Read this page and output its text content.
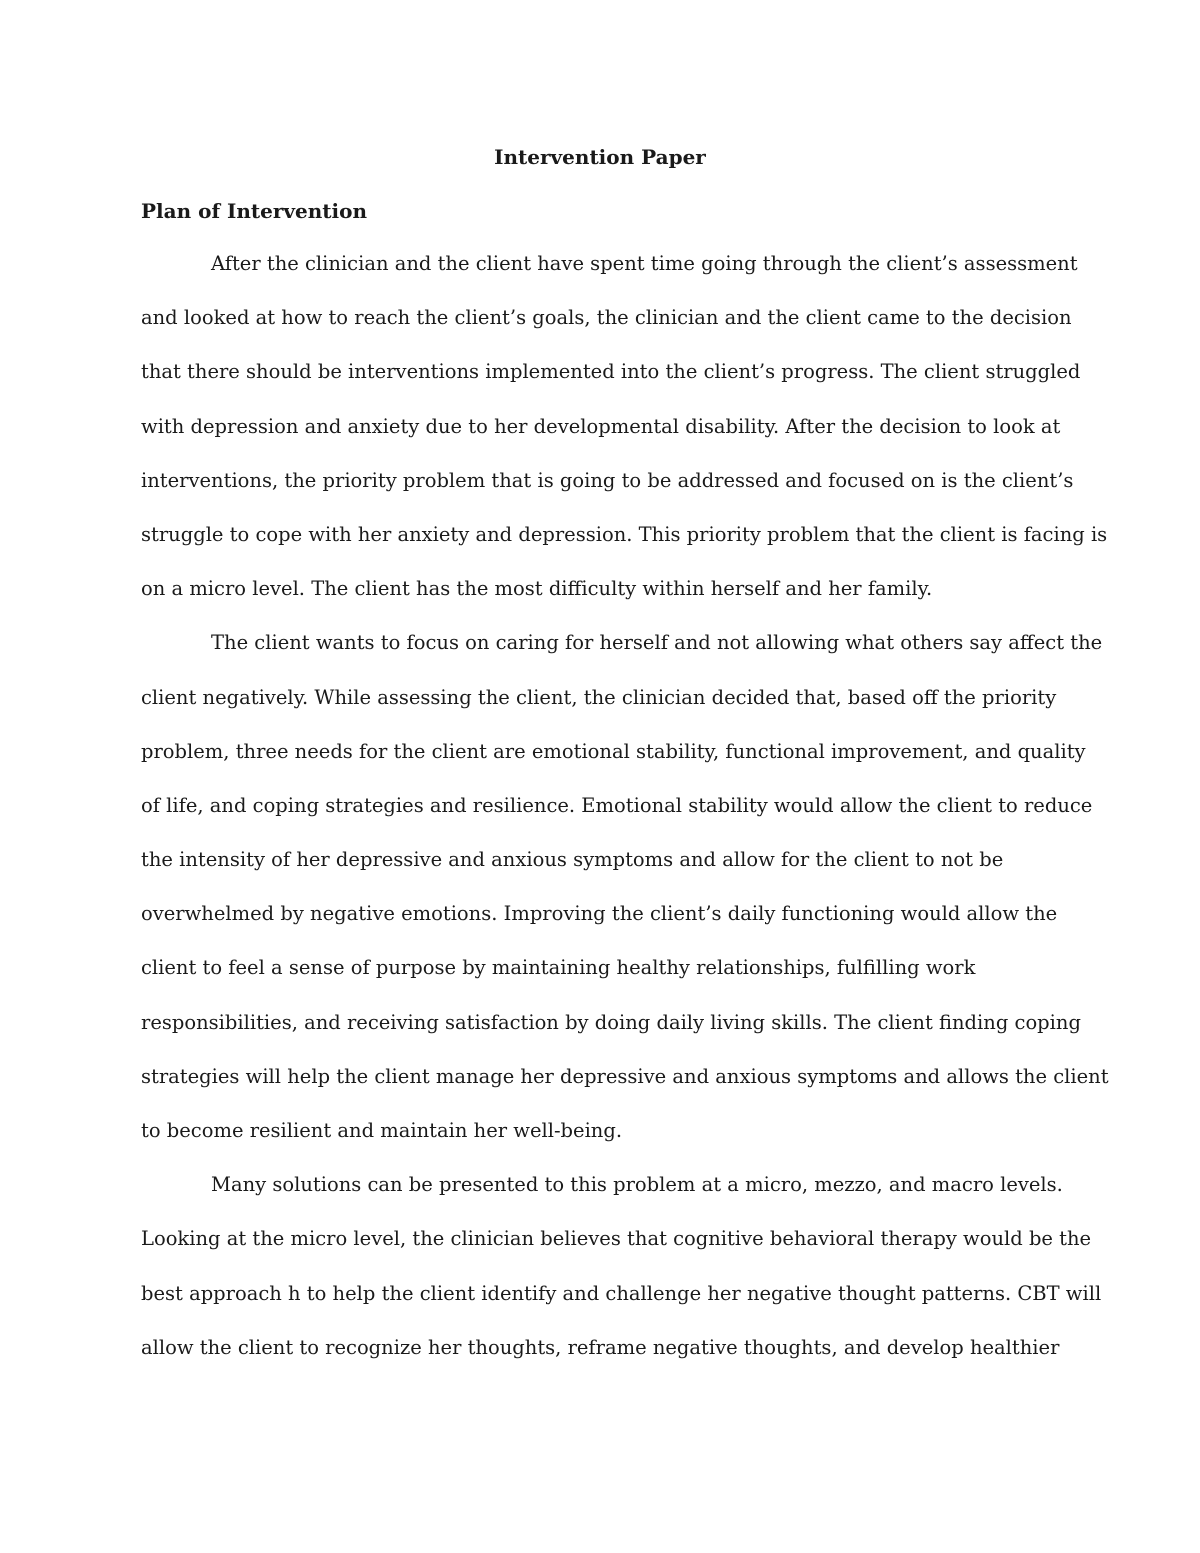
Intervention Paper
Plan of Intervention
After the clinician and the client have spent time going through the client’s assessment
and looked at how to reach the client’s goals, the clinician and the client came to the decision
that there should be interventions implemented into the client’s progress. The client struggled
with depression and anxiety due to her developmental disability. After the decision to look at
interventions, the priority problem that is going to be addressed and focused on is the client’s
struggle to cope with her anxiety and depression. This priority problem that the client is facing is
on a micro level. The client has the most difficulty within herself and her family.
The client wants to focus on caring for herself and not allowing what others say affect the
client negatively. While assessing the client, the clinician decided that, based off the priority
problem, three needs for the client are emotional stability, functional improvement, and quality
of life, and coping strategies and resilience. Emotional stability would allow the client to reduce
the intensity of her depressive and anxious symptoms and allow for the client to not be
overwhelmed by negative emotions. Improving the client’s daily functioning would allow the
client to feel a sense of purpose by maintaining healthy relationships, fulfilling work
responsibilities, and receiving satisfaction by doing daily living skills. The client finding coping
strategies will help the client manage her depressive and anxious symptoms and allows the client
to become resilient and maintain her well-being.
Many solutions can be presented to this problem at a micro, mezzo, and macro levels.
Looking at the micro level, the clinician believes that cognitive behavioral therapy would be the
best approach h to help the client identify and challenge her negative thought patterns. CBT will
allow the client to recognize her thoughts, reframe negative thoughts, and develop healthier
